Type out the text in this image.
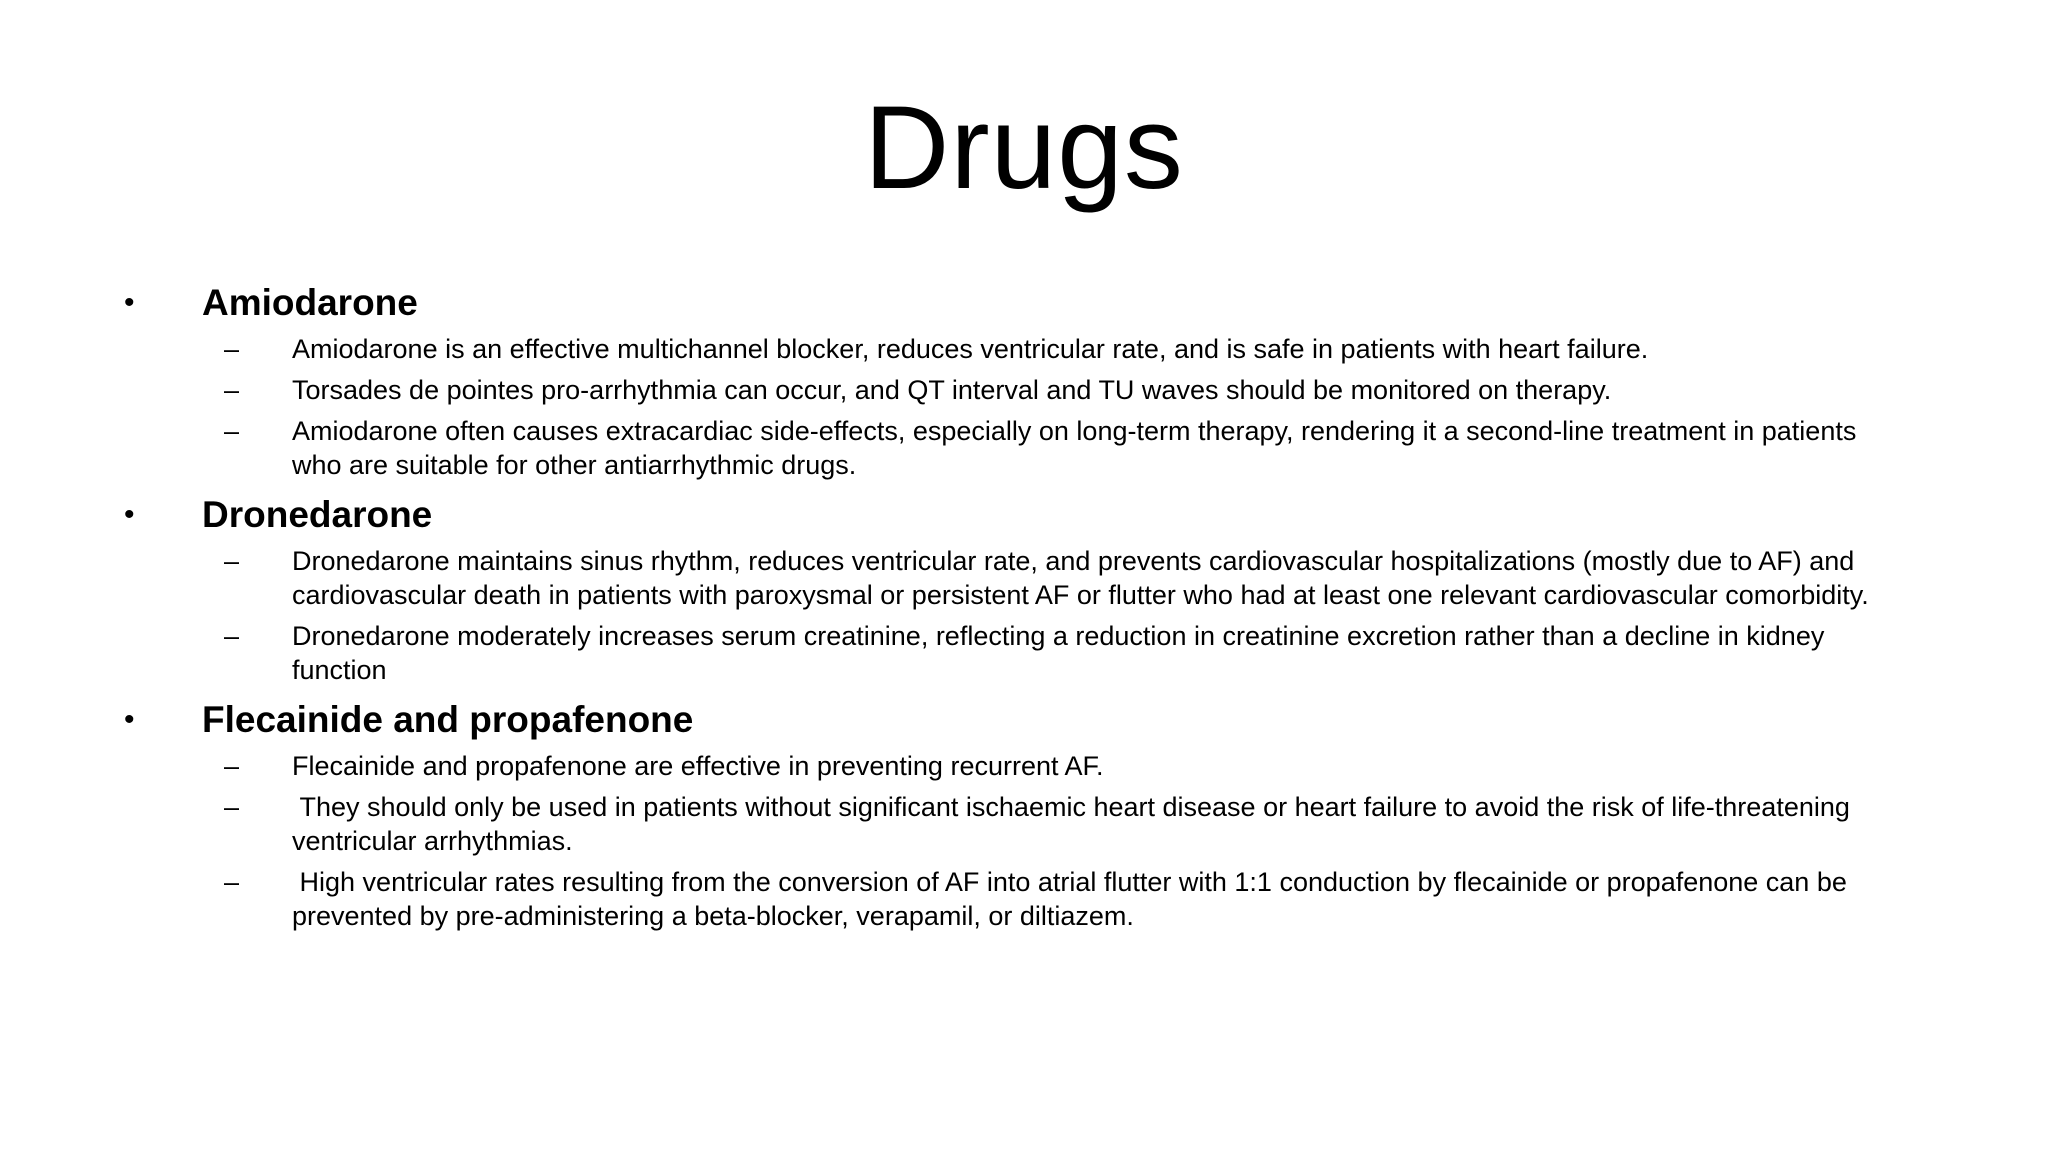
Drugs
• Amiodarone
– Amiodarone is an effective multichannel blocker, reduces ventricular rate, and is safe in patients with heart failure.
– Torsades de pointes pro-arrhythmia can occur, and QT interval and TU waves should be monitored on therapy.
– Amiodarone often causes extracardiac side-effects, especially on long-term therapy, rendering it a second-line treatment in patients who are suitable for other antiarrhythmic drugs.
• Dronedarone
– Dronedarone maintains sinus rhythm, reduces ventricular rate, and prevents cardiovascular hospitalizations (mostly due to AF) and cardiovascular death in patients with paroxysmal or persistent AF or flutter who had at least one relevant cardiovascular comorbidity.
– Dronedarone moderately increases serum creatinine, reflecting a reduction in creatinine excretion rather than a decline in kidney function
• Flecainide and propafenone
– Flecainide and propafenone are effective in preventing recurrent AF.
– They should only be used in patients without significant ischaemic heart disease or heart failure to avoid the risk of life-threatening ventricular arrhythmias.
– High ventricular rates resulting from the conversion of AF into atrial flutter with 1:1 conduction by flecainide or propafenone can be prevented by pre-administering a beta-blocker, verapamil, or diltiazem.
